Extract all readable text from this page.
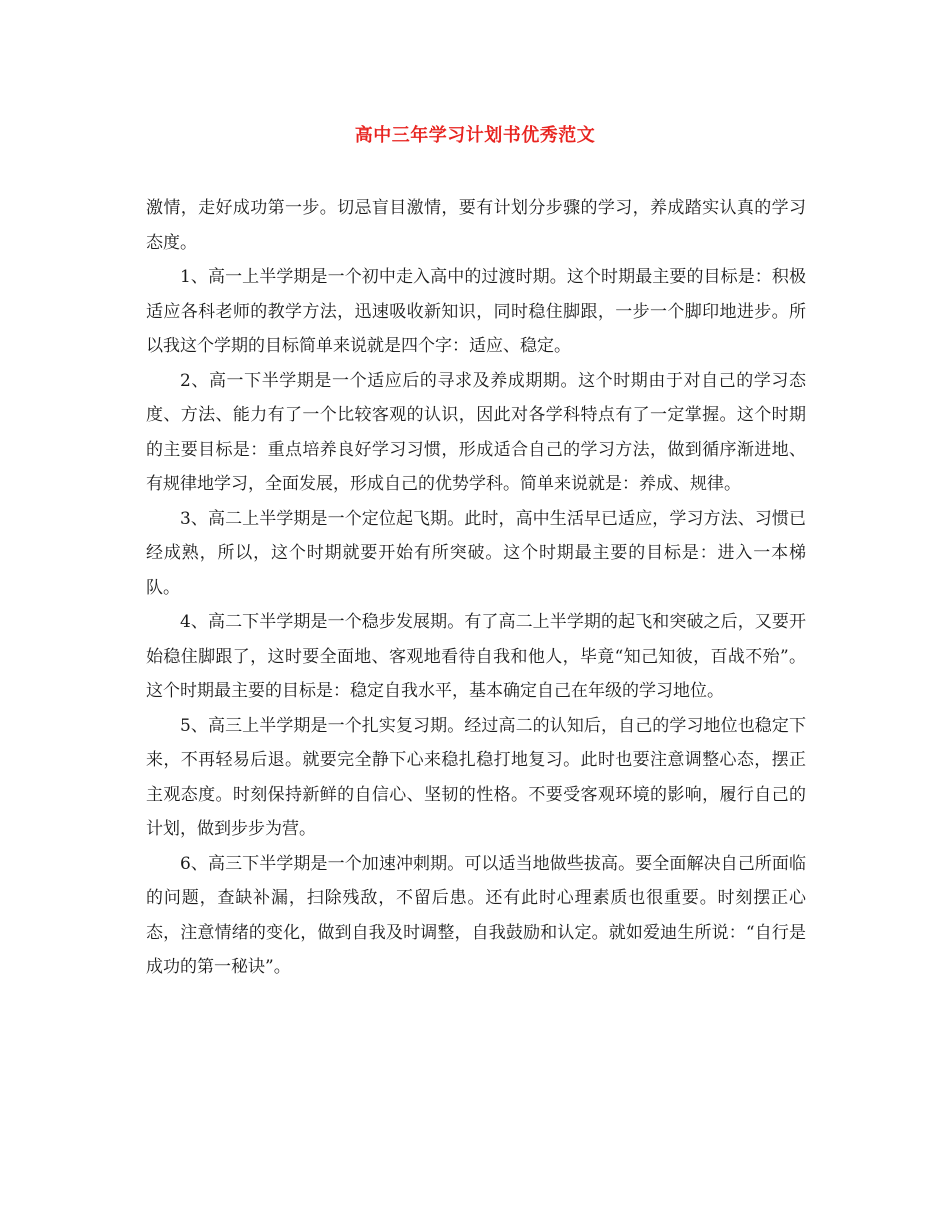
高中三年学习计划书优秀范文

激情，走好成功第一步。切忌盲目激情，要有计划分步骤的学习，养成踏实认真的学习态度。

1、高一上半学期是一个初中走入高中的过渡时期。这个时期最主要的目标是：积极适应各科老师的教学方法，迅速吸收新知识，同时稳住脚跟，一步一个脚印地进步。所以我这个学期的目标简单来说就是四个字：适应、稳定。

2、高一下半学期是一个适应后的寻求及养成期期。这个时期由于对自己的学习态度、方法、能力有了一个比较客观的认识，因此对各学科特点有了一定掌握。这个时期的主要目标是：重点培养良好学习习惯，形成适合自己的学习方法，做到循序渐进地、有规律地学习，全面发展，形成自己的优势学科。简单来说就是：养成、规律。

3、高二上半学期是一个定位起飞期。此时，高中生活早已适应，学习方法、习惯已经成熟，所以，这个时期就要开始有所突破。这个时期最主要的目标是：进入一本梯队。

4、高二下半学期是一个稳步发展期。有了高二上半学期的起飞和突破之后，又要开始稳住脚跟了，这时要全面地、客观地看待自我和他人，毕竟“知己知彼，百战不殆”。这个时期最主要的目标是：稳定自我水平，基本确定自己在年级的学习地位。

5、高三上半学期是一个扎实复习期。经过高二的认知后，自己的学习地位也稳定下来，不再轻易后退。就要完全静下心来稳扎稳打地复习。此时也要注意调整心态，摆正主观态度。时刻保持新鲜的自信心、坚韧的性格。不要受客观环境的影响，履行自己的计划，做到步步为营。

6、高三下半学期是一个加速冲刺期。可以适当地做些拔高。要全面解决自己所面临的问题，查缺补漏，扫除残敌，不留后患。还有此时心理素质也很重要。时刻摆正心态，注意情绪的变化，做到自我及时调整，自我鼓励和认定。就如爱迪生所说：“自行是成功的第一秘诀”。
